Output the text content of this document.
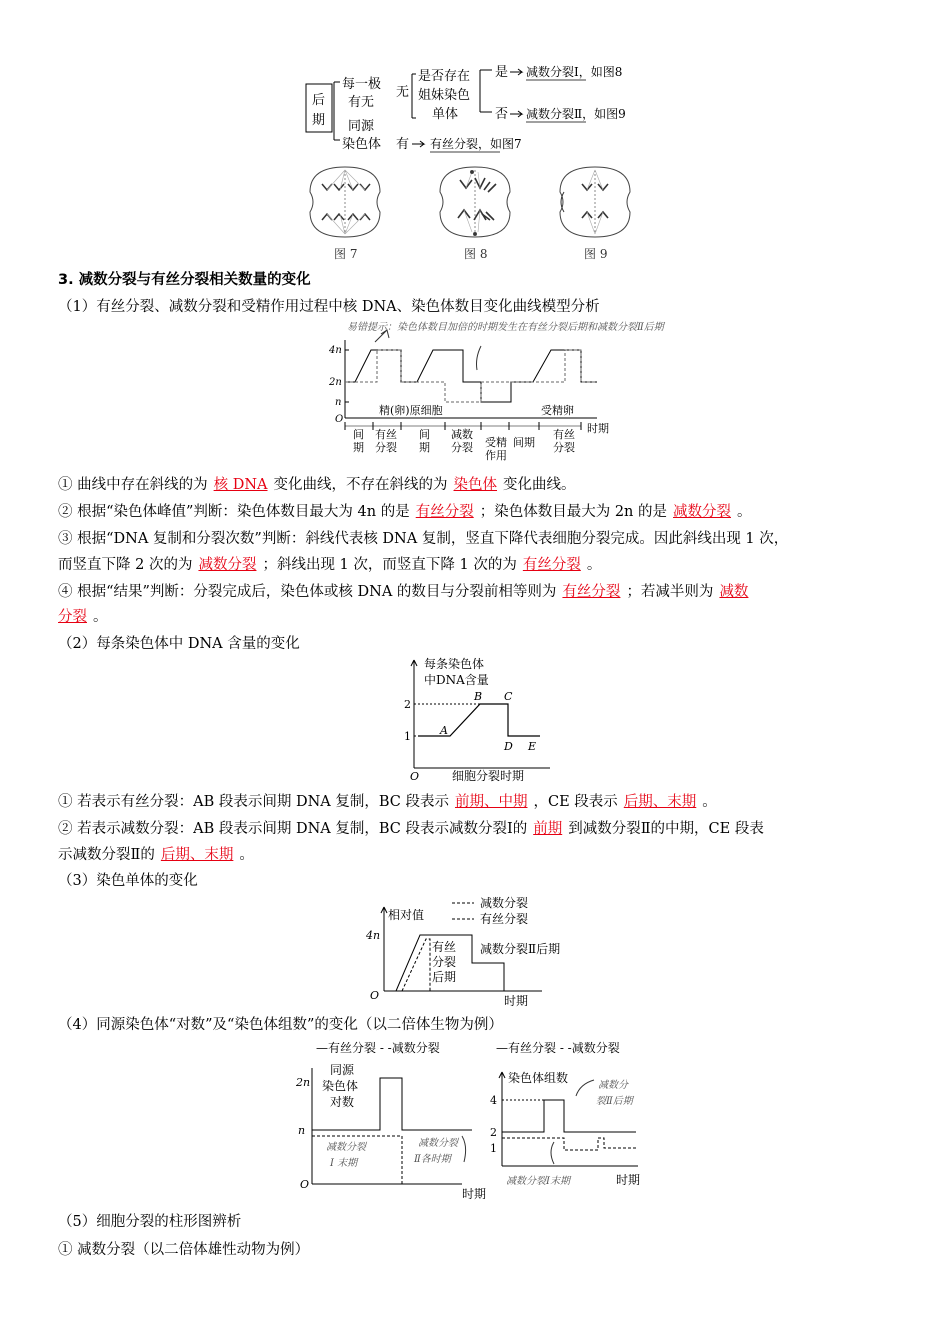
后
期
每一极
有无
同源
染色体
无
是否存在
姐妹染色
单体
是
否
减数分裂Ⅰ，如图8
减数分裂Ⅱ，如图9
有 有丝分裂，如图7
图 7	图 8	图 9
3. 减数分裂与有丝分裂相关数量的变化
（1）有丝分裂、减数分裂和受精作用过程中核 DNA、染色体数目变化曲线模型分析
易错提示：染色体数目加倍的时期发生在有丝分裂后期和减数分裂Ⅱ后期
4n
2n
n
O
精(卵)原细胞	受精卵
间期
有丝分裂
间期
减数分裂 受精作用
间期
有丝分裂
时期
① 曲线中存在斜线的为 核 DNA 变化曲线，不存在斜线的为 染色体 变化曲线。
② 根据“染色体峰值”判断：染色体数目最大为 4n 的是 有丝分裂 ；染色体数目最大为 2n 的是 减数分裂 。
③ 根据“DNA 复制和分裂次数”判断：斜线代表核 DNA 复制，竖直下降代表细胞分裂完成。因此斜线出现 1 次，
而竖直下降 2 次的为 减数分裂 ；斜线出现 1 次，而竖直下降 1 次的为 有丝分裂 。
④ 根据“结果”判断：分裂完成后，染色体或核 DNA 的数目与分裂前相等则为 有丝分裂 ；若减半则为 减数
分裂 。
（2）每条染色体中 DNA 含量的变化
每条染色体
中DNA含量
2
1
O
A
B C
D E
细胞分裂时期
① 若表示有丝分裂：AB 段表示间期 DNA 复制，BC 段表示 前期、中期 ，CE 段表示 后期、末期 。
② 若表示减数分裂：AB 段表示间期 DNA 复制，BC 段表示减数分裂Ⅰ的 前期 到减数分裂Ⅱ的中期，CE 段表
示减数分裂Ⅱ的 后期、末期 。
（3）染色单体的变化
减数分裂
有丝分裂
相对值
4n
O
有丝分裂后期
减数分裂Ⅱ后期
时期
（4）同源染色体“对数”及“染色体组数”的变化（以二倍体生物为例）
—有丝分裂 - -减数分裂
同源染色体对数
时期
2n
n
O
减数分裂 Ⅰ 末期
减数分裂 Ⅱ各时期
—有丝分裂 - -减数分裂
染色体组数
4
2
1
减数分裂Ⅱ后期
减数分裂Ⅰ末期	时期
（5）细胞分裂的柱形图辨析
① 减数分裂（以二倍体雄性动物为例）
